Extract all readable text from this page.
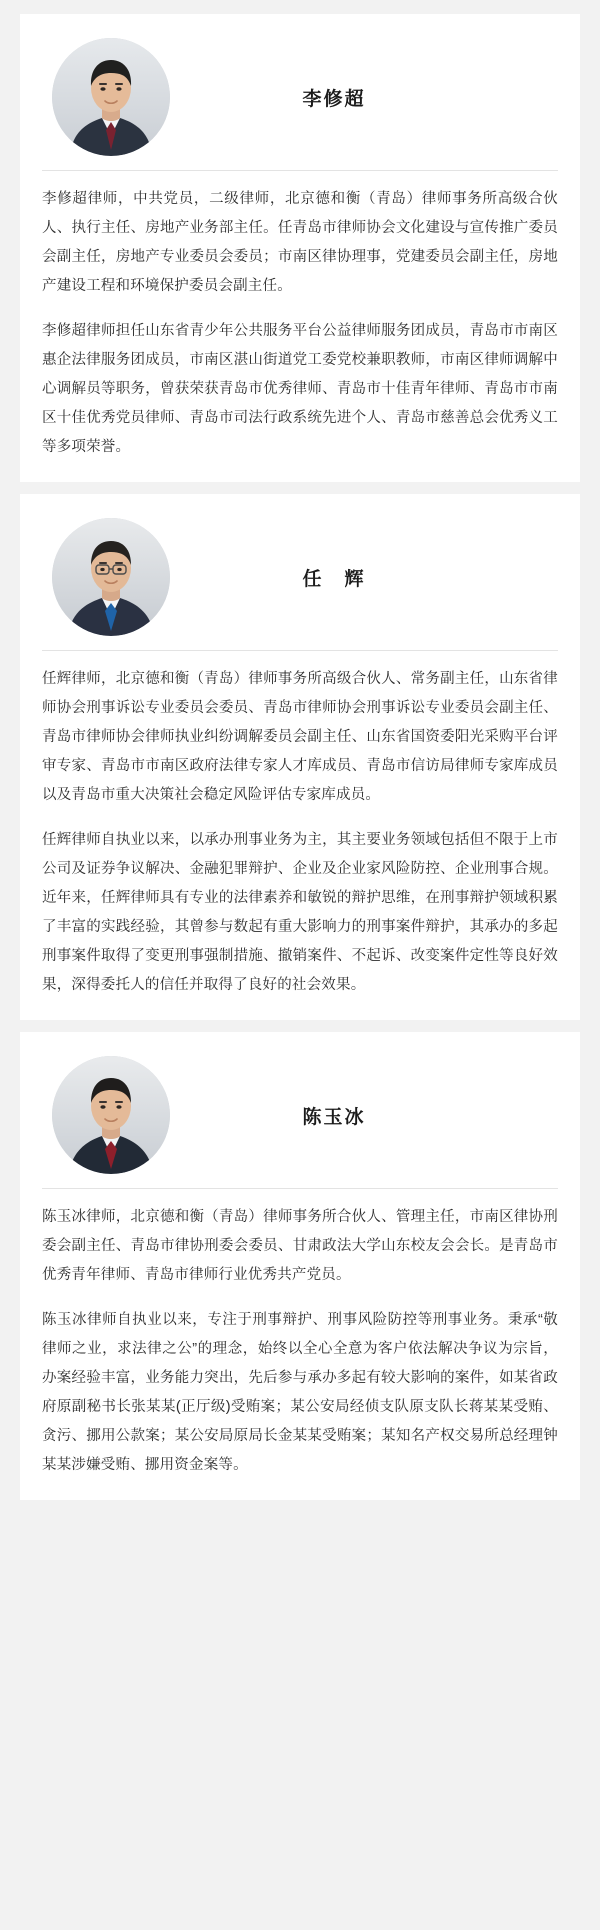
李修超

李修超律师，中共党员，二级律师，北京德和衡（青岛）律师事务所高级合伙人、执行主任、房地产业务部主任。任青岛市律师协会文化建设与宣传推广委员会副主任，房地产专业委员会委员；市南区律协理事，党建委员会副主任，房地产建设工程和环境保护委员会副主任。

李修超律师担任山东省青少年公共服务平台公益律师服务团成员，青岛市市南区惠企法律服务团成员，市南区湛山街道党工委党校兼职教师，市南区律师调解中心调解员等职务，曾获荣获青岛市优秀律师、青岛市十佳青年律师、青岛市市南区十佳优秀党员律师、青岛市司法行政系统先进个人、青岛市慈善总会优秀义工等多项荣誉。

任　辉

任辉律师，北京德和衡（青岛）律师事务所高级合伙人、常务副主任，山东省律师协会刑事诉讼专业委员会委员、青岛市律师协会刑事诉讼专业委员会副主任、青岛市律师协会律师执业纠纷调解委员会副主任、山东省国资委阳光采购平台评审专家、青岛市市南区政府法律专家人才库成员、青岛市信访局律师专家库成员以及青岛市重大决策社会稳定风险评估专家库成员。

任辉律师自执业以来，以承办刑事业务为主，其主要业务领域包括但不限于上市公司及证券争议解决、金融犯罪辩护、企业及企业家风险防控、企业刑事合规。近年来，任辉律师具有专业的法律素养和敏锐的辩护思维，在刑事辩护领域积累了丰富的实践经验，其曾参与数起有重大影响力的刑事案件辩护，其承办的多起刑事案件取得了变更刑事强制措施、撤销案件、不起诉、改变案件定性等良好效果，深得委托人的信任并取得了良好的社会效果。

陈玉冰

陈玉冰律师，北京德和衡（青岛）律师事务所合伙人、管理主任，市南区律协刑委会副主任、青岛市律协刑委会委员、甘肃政法大学山东校友会会长。是青岛市优秀青年律师、青岛市律师行业优秀共产党员。

陈玉冰律师自执业以来，专注于刑事辩护、刑事风险防控等刑事业务。秉承“敬律师之业，求法律之公”的理念，始终以全心全意为客户依法解决争议为宗旨，办案经验丰富，业务能力突出，先后参与承办多起有较大影响的案件，如某省政府原副秘书长张某某(正厅级)受贿案；某公安局经侦支队原支队长蒋某某受贿、贪污、挪用公款案；某公安局原局长金某某受贿案；某知名产权交易所总经理钟某某涉嫌受贿、挪用资金案等。
